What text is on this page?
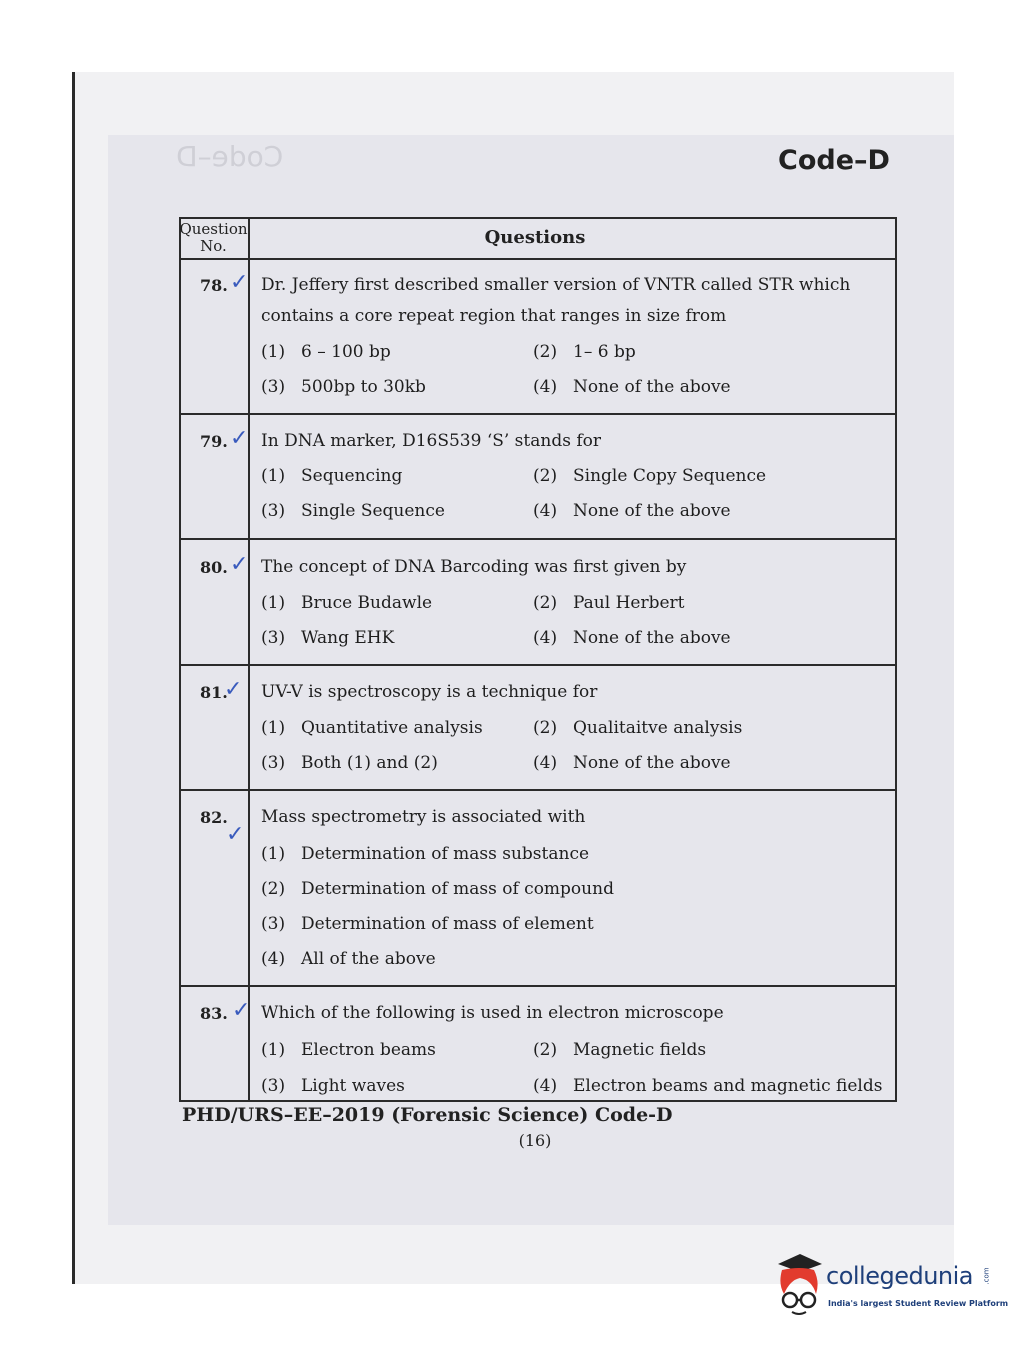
Code–D	Code–D
Question
No.	Questions
78. ✓ Dr. Jeffery first described smaller version of VNTR called STR which contains a core repeat region that ranges in size from
(1) 6 – 100 bp	(2) 1– 6 bp
(3) 500bp to 30kb	(4) None of the above
79. ✓ In DNA marker, D16S539 ‘S’ stands for
(1) Sequencing	(2) Single Copy Sequence
(3) Single Sequence	(4) None of the above
80. ✓ The concept of DNA Barcoding was first given by
(1) Bruce Budawle	(2) Paul Herbert
(3) Wang EHK	(4) None of the above
81.
✓ UV-V is spectroscopy is a technique for
(1) Quantitative analysis	(2) Qualitaitve analysis
(3) Both (1) and (2)	(4) None of the above
82.
✓
Mass spectrometry is associated with
(1) Determination of mass substance
(2) Determination of mass of compound
(3) Determination of mass of element
(4) All of the above
83. ✓ Which of the following is used in electron microscope
(1) Electron beams	(2) Magnetic fields
(3) Light waves	(4) Electron beams and magnetic fields
PHD/URS–EE–2019 (Forensic Science) Code-D
(16)
collegedunia .com
India's largest Student Review Platform
